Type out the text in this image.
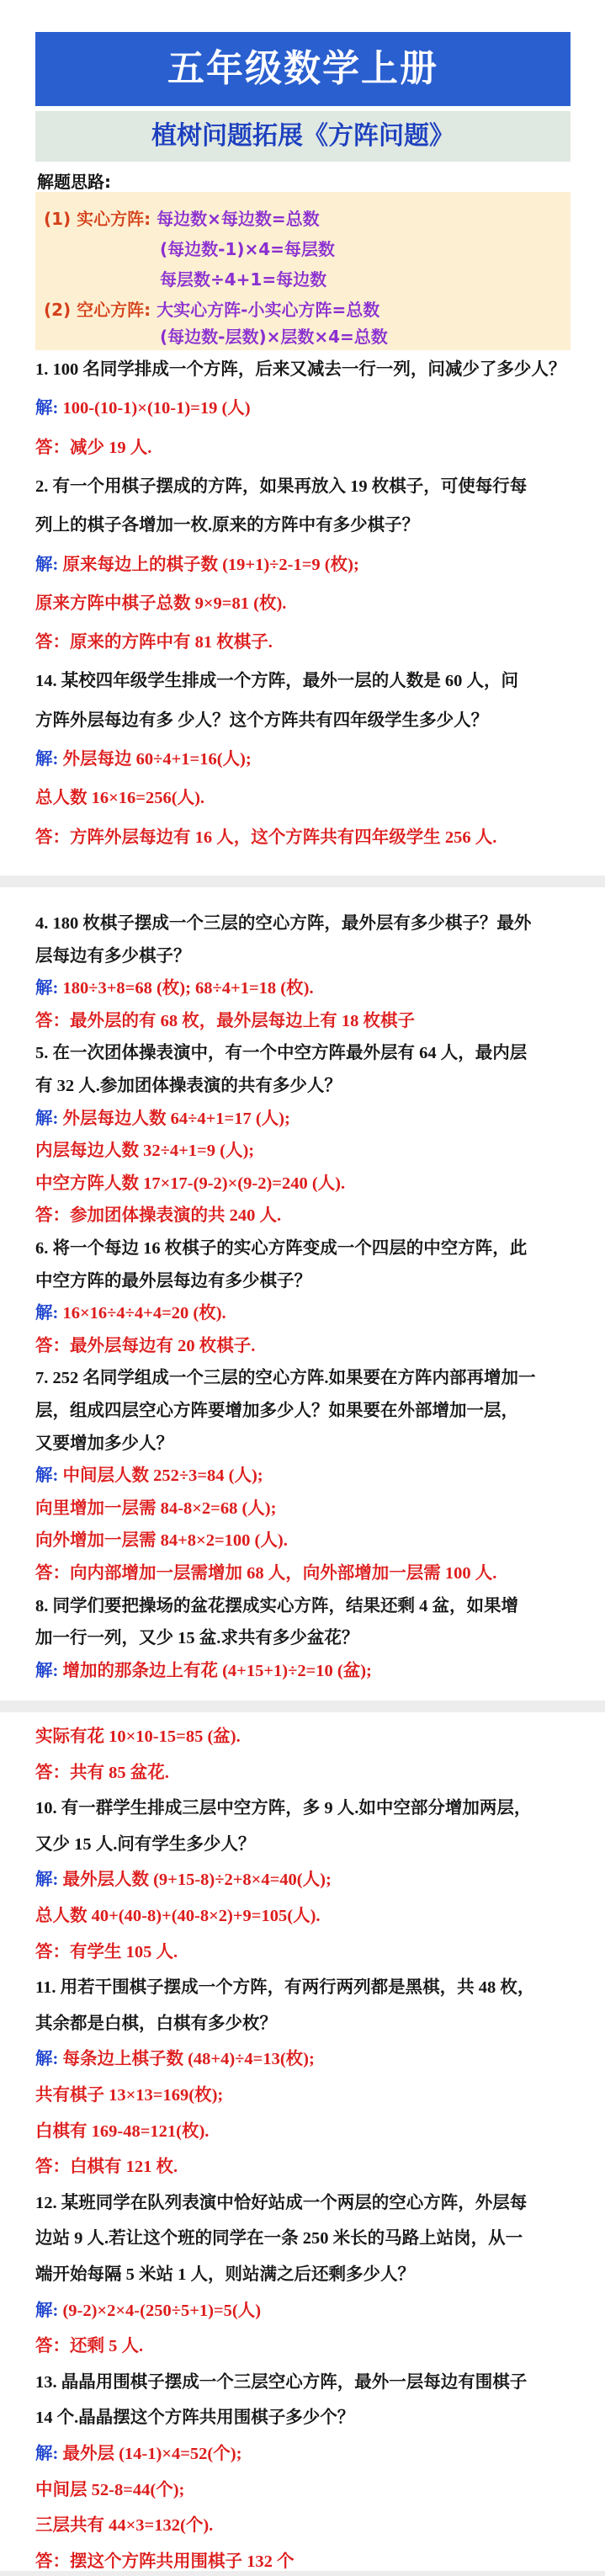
五年级数学上册
植树问题拓展《方阵问题》
解题思路:
(1) 实心方阵: 每边数×每边数=总数
(每边数-1)×4=每层数
每层数÷4+1=每边数
(2) 空心方阵: 大实心方阵-小实心方阵=总数
(每边数-层数)×层数×4=总数
1. 100 名同学排成一个方阵，后来又减去一行一列，问减少了多少人？
解: 100-(10-1)×(10-1)=19 (人)
答：减少 19 人.
2. 有一个用棋子摆成的方阵，如果再放入 19 枚棋子，可使每行每
列上的棋子各增加一枚.原来的方阵中有多少棋子？
解: 原来每边上的棋子数 (19+1)÷2-1=9 (枚);
原来方阵中棋子总数 9×9=81 (枚).
答：原来的方阵中有 81 枚棋子.
14. 某校四年级学生排成一个方阵，最外一层的人数是 60 人，问
方阵外层每边有多 少人？这个方阵共有四年级学生多少人？
解: 外层每边 60÷4+1=16(人);
总人数 16×16=256(人).
答：方阵外层每边有 16 人，这个方阵共有四年级学生 256 人.
4. 180 枚棋子摆成一个三层的空心方阵，最外层有多少棋子？最外
层每边有多少棋子？
解: 180÷3+8=68 (枚); 68÷4+1=18 (枚).
答：最外层的有 68 枚，最外层每边上有 18 枚棋子
5. 在一次团体操表演中，有一个中空方阵最外层有 64 人，最内层
有 32 人.参加团体操表演的共有多少人？
解: 外层每边人数 64÷4+1=17 (人);
内层每边人数 32÷4+1=9 (人);
中空方阵人数 17×17-(9-2)×(9-2)=240 (人).
答：参加团体操表演的共 240 人.
6. 将一个每边 16 枚棋子的实心方阵变成一个四层的中空方阵，此
中空方阵的最外层每边有多少棋子？
解: 16×16÷4÷4+4=20 (枚).
答：最外层每边有 20 枚棋子.
7. 252 名同学组成一个三层的空心方阵.如果要在方阵内部再增加一
层，组成四层空心方阵要增加多少人？如果要在外部增加一层，
又要增加多少人？
解: 中间层人数 252÷3=84 (人);
向里增加一层需 84-8×2=68 (人);
向外增加一层需 84+8×2=100 (人).
答：向内部增加一层需增加 68 人，向外部增加一层需 100 人.
8. 同学们要把操场的盆花摆成实心方阵，结果还剩 4 盆，如果增
加一行一列，又少 15 盆.求共有多少盆花？
解: 增加的那条边上有花 (4+15+1)÷2=10 (盆);
实际有花 10×10-15=85 (盆).
答：共有 85 盆花.
10. 有一群学生排成三层中空方阵，多 9 人.如中空部分增加两层，
又少 15 人.问有学生多少人？
解: 最外层人数 (9+15-8)÷2+8×4=40(人);
总人数 40+(40-8)+(40-8×2)+9=105(人).
答：有学生 105 人.
11. 用若干围棋子摆成一个方阵，有两行两列都是黑棋，共 48 枚，
其余都是白棋，白棋有多少枚？
解: 每条边上棋子数 (48+4)÷4=13(枚);
共有棋子 13×13=169(枚);
白棋有 169-48=121(枚).
答：白棋有 121 枚.
12. 某班同学在队列表演中恰好站成一个两层的空心方阵，外层每
边站 9 人.若让这个班的同学在一条 250 米长的马路上站岗，从一
端开始每隔 5 米站 1 人，则站满之后还剩多少人？
解: (9-2)×2×4-(250÷5+1)=5(人)
答：还剩 5 人.
13. 晶晶用围棋子摆成一个三层空心方阵，最外一层每边有围棋子
14 个.晶晶摆这个方阵共用围棋子多少个？
解: 最外层 (14-1)×4=52(个);
中间层 52-8=44(个);
三层共有 44×3=132(个).
答：摆这个方阵共用围棋子 132 个
